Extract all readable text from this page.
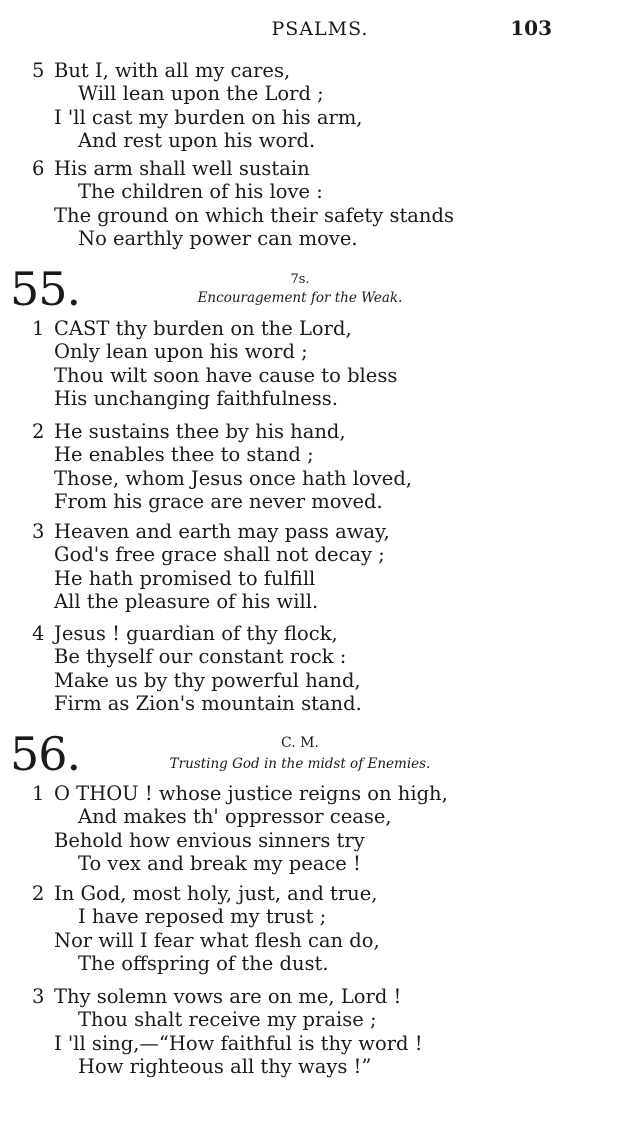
PSALMS.	103
5 But I, with all my cares,
Will lean upon the Lord ;
I 'll cast my burden on his arm,
And rest upon his word.
6 His arm shall well sustain
The children of his love :
The ground on which their safety stands
No earthly power can move.
55.	7s.
Encouragement for the Weak.
1 CAST thy burden on the Lord,
Only lean upon his word ;
Thou wilt soon have cause to bless
His unchanging faithfulness.
2 He sustains thee by his hand,
He enables thee to stand ;
Those, whom Jesus once hath loved,
From his grace are never moved.
3 Heaven and earth may pass away,
God's free grace shall not decay ;
He hath promised to fulfill
All the pleasure of his will.
4 Jesus ! guardian of thy flock,
Be thyself our constant rock :
Make us by thy powerful hand,
Firm as Zion's mountain stand.
56.	C. M.
Trusting God in the midst of Enemies.
1 O THOU ! whose justice reigns on high,
And makes th' oppressor cease,
Behold how envious sinners try
To vex and break my peace !
2 In God, most holy, just, and true,
I have reposed my trust ;
Nor will I fear what flesh can do,
The offspring of the dust.
3 Thy solemn vows are on me, Lord !
Thou shalt receive my praise ;
I 'll sing,—“How faithful is thy word !
How righteous all thy ways !”
